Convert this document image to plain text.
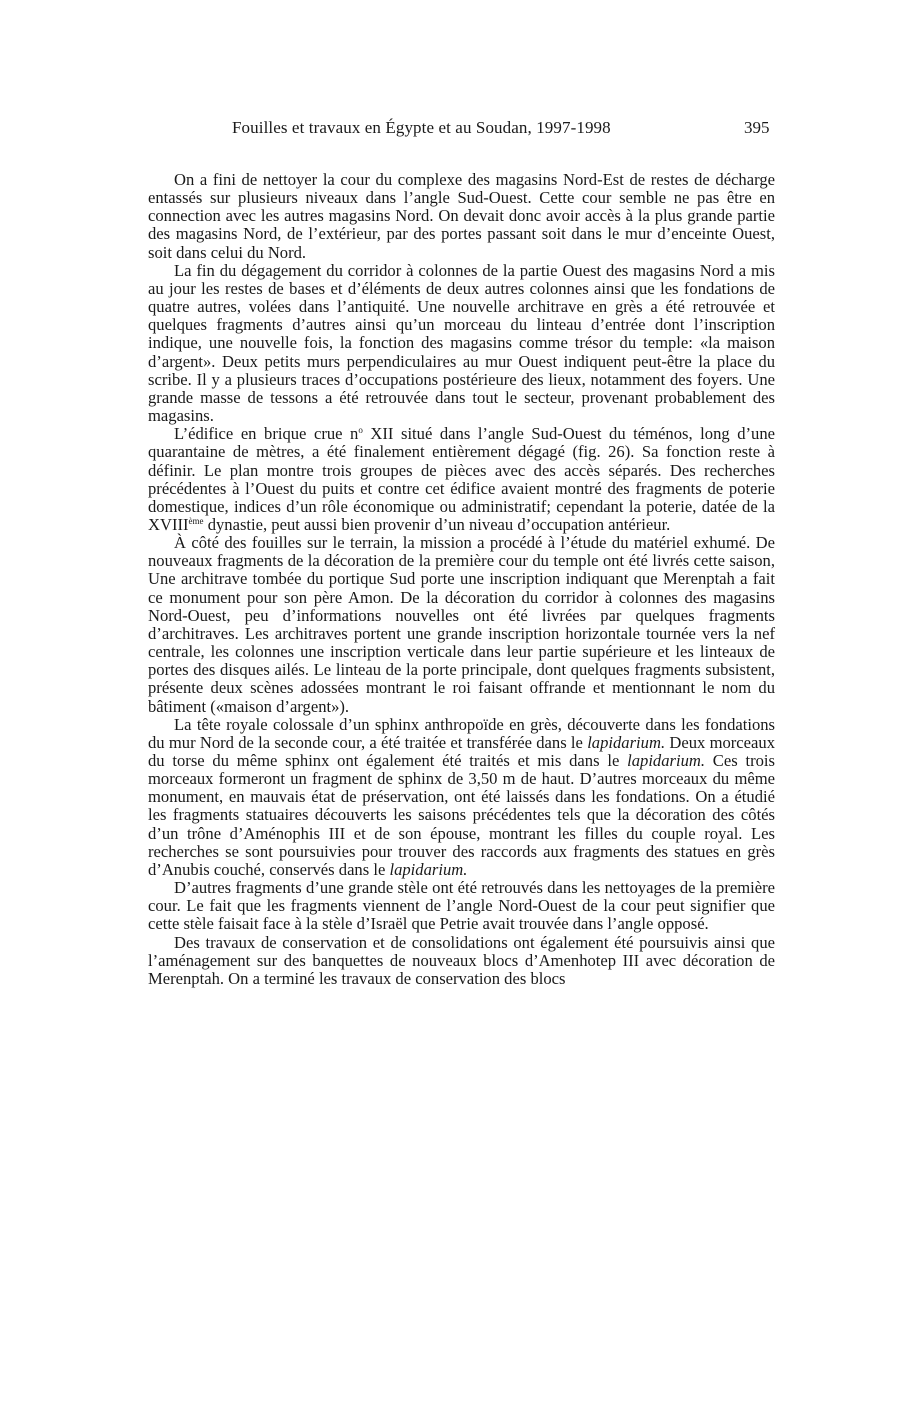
Fouilles et travaux en Égypte et au Soudan, 1997-1998	395

On a fini de nettoyer la cour du complexe des magasins Nord-Est de restes de décharge entassés sur plusieurs niveaux dans l’angle Sud-Ouest. Cette cour semble ne pas être en connection avec les autres magasins Nord. On devait donc avoir accès à la plus grande partie des magasins Nord, de l’extérieur, par des portes passant soit dans le mur d’enceinte Ouest, soit dans celui du Nord.

La fin du dégagement du corridor à colonnes de la partie Ouest des magasins Nord a mis au jour les restes de bases et d’éléments de deux autres colonnes ainsi que les fondations de quatre autres, volées dans l’antiquité. Une nouvelle architrave en grès a été retrouvée et quelques fragments d’autres ainsi qu’un morceau du linteau d’entrée dont l’inscription indique, une nouvelle fois, la fonction des magasins comme trésor du temple: «la maison d’argent». Deux petits murs perpendiculaires au mur Ouest indiquent peut-être la place du scribe. Il y a plusieurs traces d’occupations postérieure des lieux, notamment des foyers. Une grande masse de tessons a été retrouvée dans tout le secteur, provenant probablement des magasins.

L’édifice en brique crue $n^o$ XII situé dans l’angle Sud-Ouest du téménos, long d’une quarantaine de mètres, a été finalement entièrement dégagé (fig. 26). Sa fonction reste à définir. Le plan montre trois groupes de pièces avec des accès séparés. Des recherches précédentes à l’Ouest du puits et contre cet édifice avaient montré des fragments de poterie domestique, indices d’un rôle économique ou administratif; cependant la poterie, datée de la XVIIIème dynastie, peut aussi bien provenir d’un niveau d’occupation antérieur.

À côté des fouilles sur le terrain, la mission a procédé à l’étude du matériel exhumé. De nouveaux fragments de la décoration de la première cour du temple ont été livrés cette saison, Une architrave tombée du portique Sud porte une inscription indiquant que Merenptah a fait ce monument pour son père Amon. De la décoration du corridor à colonnes des magasins Nord-Ouest, peu d’informations nouvelles ont été livrées par quelques fragments d’architraves. Les architraves portent une grande inscription horizontale tournée vers la nef centrale, les colonnes une inscription verticale dans leur partie supérieure et les linteaux de portes des disques ailés. Le linteau de la porte principale, dont quelques fragments subsistent, présente deux scènes adossées montrant le roi faisant offrande et mentionnant le nom du bâtiment («maison d’argent»).

La tête royale colossale d’un sphinx anthropoïde en grès, découverte dans les fondations du mur Nord de la seconde cour, a été traitée et transférée dans le lapidarium. Deux morceaux du torse du même sphinx ont également été traités et mis dans le lapidarium. Ces trois morceaux formeront un fragment de sphinx de 3,50 m de haut. D’autres morceaux du même monument, en mauvais état de préservation, ont été laissés dans les fondations. On a étudié les fragments statuaires découverts les saisons précédentes tels que la décoration des côtés d’un trône d’Aménophis III et de son épouse, montrant les filles du couple royal. Les recherches se sont poursuivies pour trouver des raccords aux fragments des statues en grès d’Anubis couché, conservés dans le lapidarium.

D’autres fragments d’une grande stèle ont été retrouvés dans les nettoyages de la première cour. Le fait que les fragments viennent de l’angle Nord-Ouest de la cour peut signifier que cette stèle faisait face à la stèle d’Israël que Petrie avait trouvée dans l’angle opposé.

Des travaux de conservation et de consolidations ont également été poursuivis ainsi que l’aménagement sur des banquettes de nouveaux blocs d’Amenhotep III avec décoration de Merenptah. On a terminé les travaux de conservation des blocs
